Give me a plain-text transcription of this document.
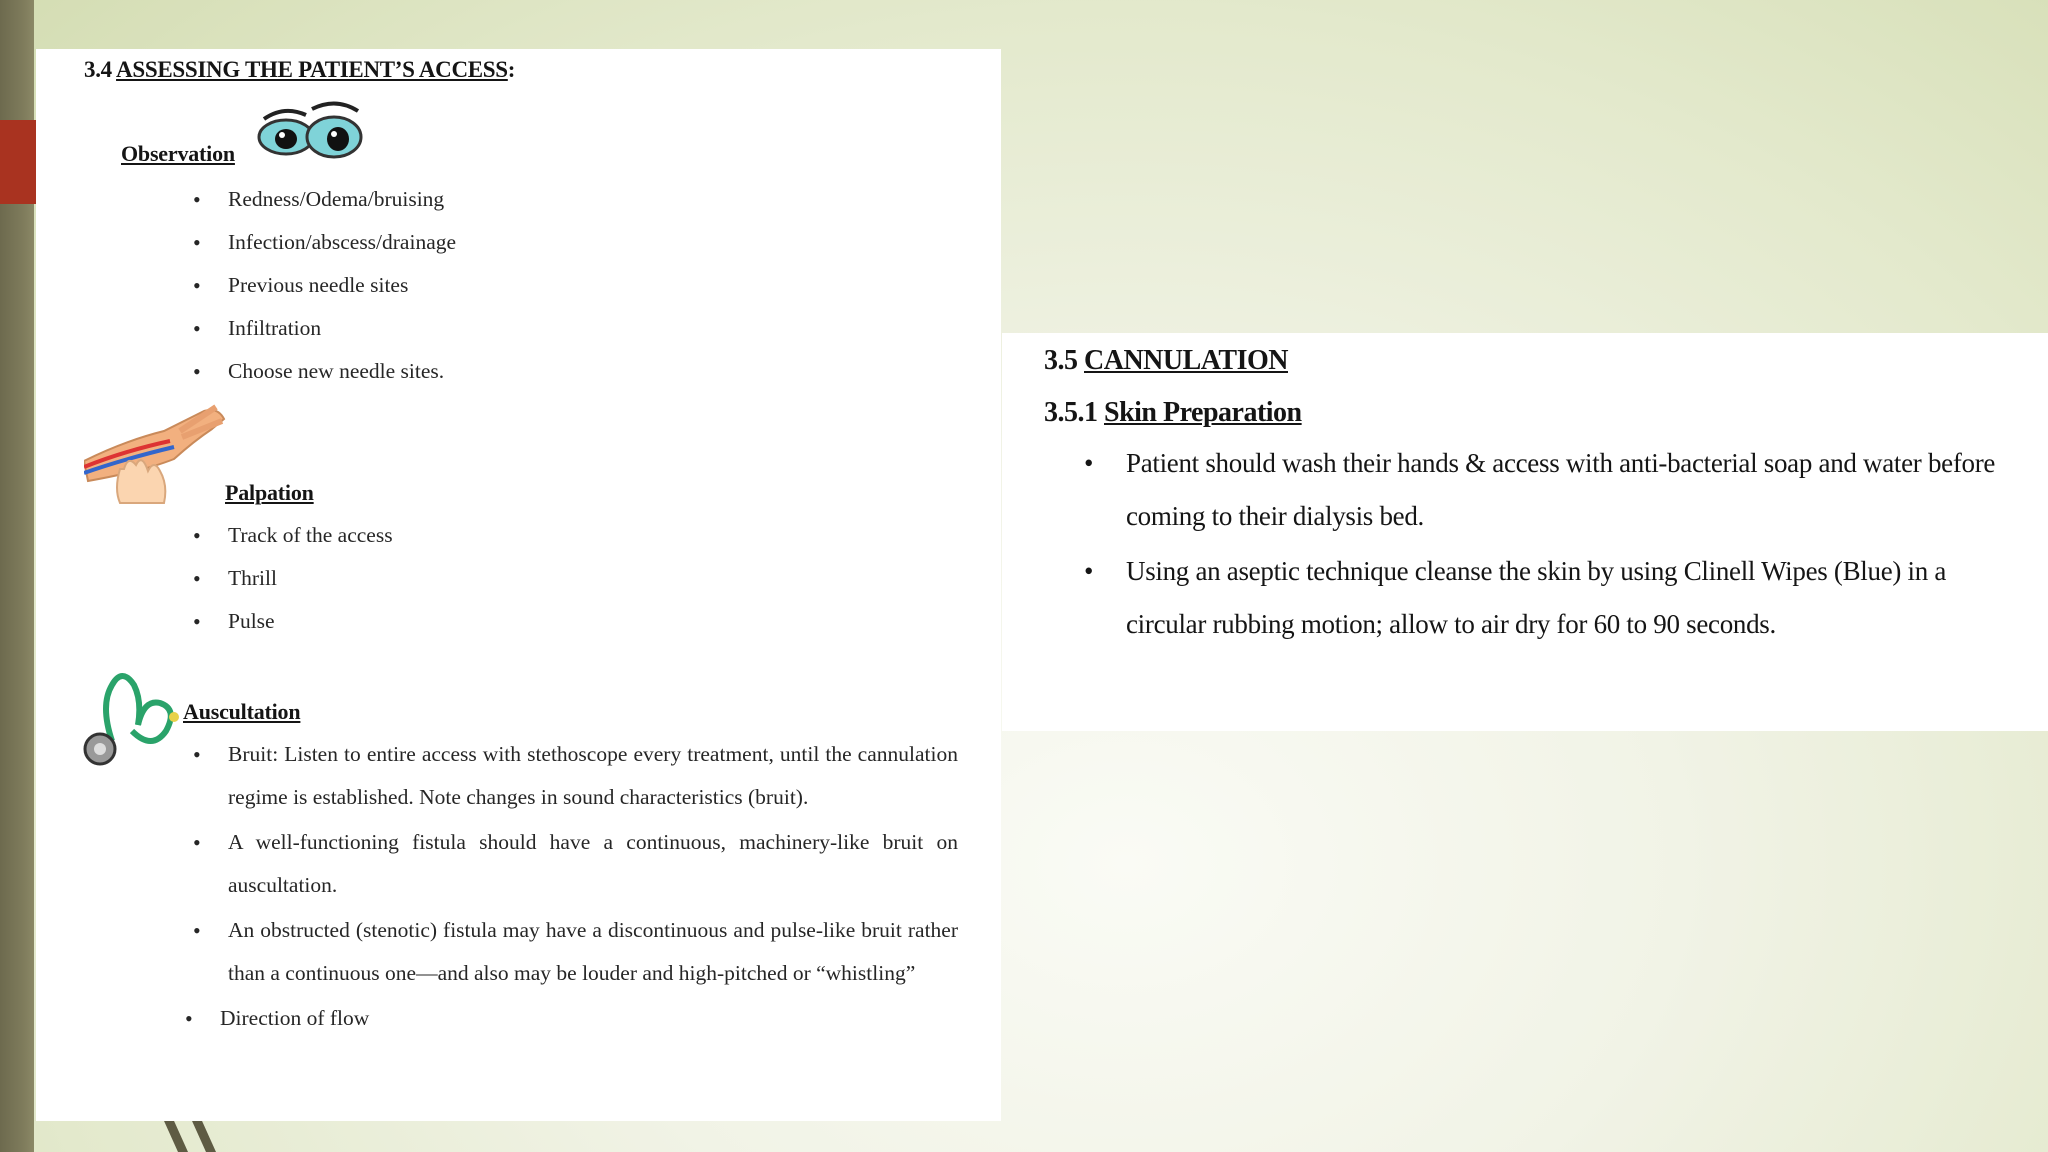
3.4 ASSESSING THE PATIENT’S ACCESS:
Observation
• Redness/Odema/bruising
• Infection/abscess/drainage
• Previous needle sites
• Infiltration
• Choose new needle sites.
Palpation
• Track of the access
• Thrill
• Pulse
Auscultation
• Bruit: Listen to entire access with stethoscope every treatment, until the cannulation regime is established. Note changes in sound characteristics (bruit).
• A well-functioning fistula should have a continuous, machinery-like bruit on auscultation.
• An obstructed (stenotic) fistula may have a discontinuous and pulse-like bruit rather than a continuous one—and also may be louder and high-pitched or “whistling”
• Direction of flow
3.5 CANNULATION
3.5.1 Skin Preparation
• Patient should wash their hands & access with anti-bacterial soap and water before coming to their dialysis bed.
• Using an aseptic technique cleanse the skin by using Clinell Wipes (Blue) in a circular rubbing motion; allow to air dry for 60 to 90 seconds.
